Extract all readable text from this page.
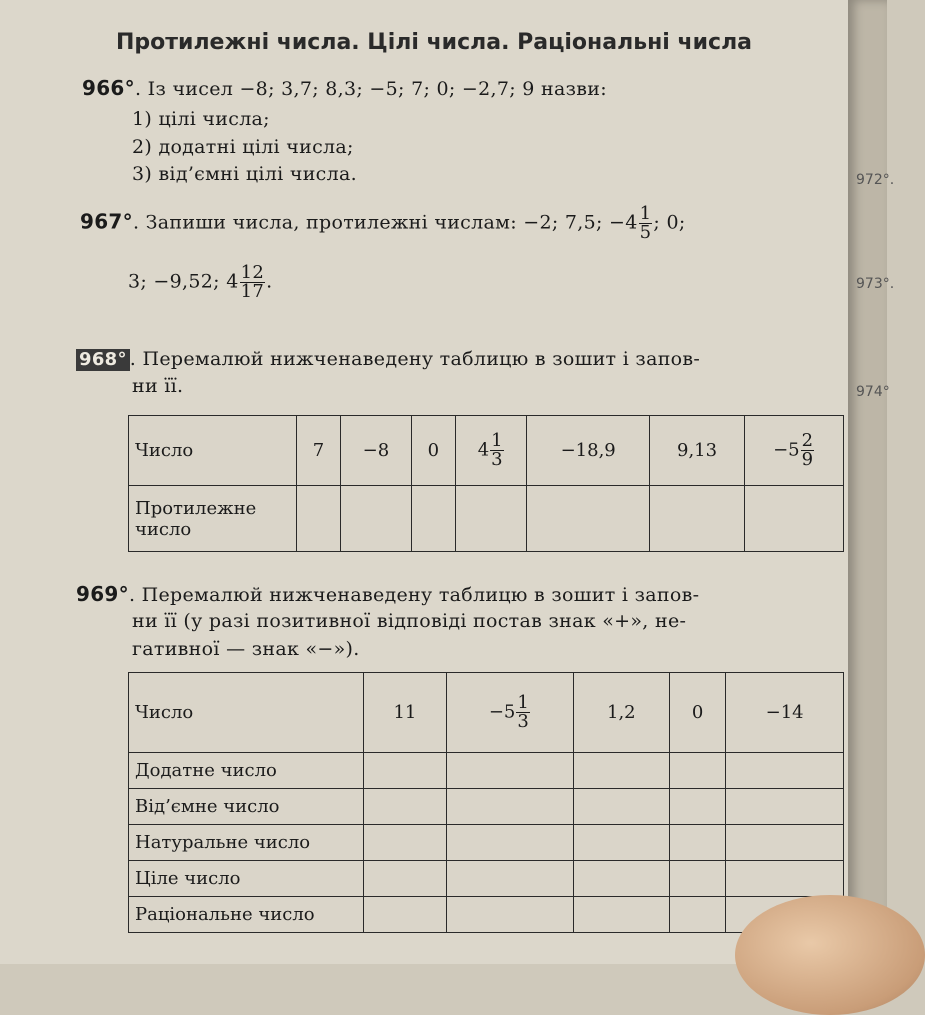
Протилежні числа. Цілі числа. Раціональні числа
966°. Із чисел −8; 3,7; 8,3; −5; 7; 0; −2,7; 9 назви:
1) цілі числа;
2) додатні цілі числа;
3) від’ємні цілі числа.
967°. Запиши числа, протилежні числам: −2; 7,5; $-4 \frac{1}{5}$ ; 0;
3; −9,52; $4 \frac{12}{17}$ .
968° . Перемалюй нижченаведену таблицю в зошит і запов-
ни її.
Число	7	−8	0	$4 \frac{1}{3}$	−18,9	9,13	$-5 \frac{2}{9}$

Протилежне число							
969°. Перемалюй нижченаведену таблицю в зошит і запов-
ни її (у разі позитивної відповіді постав знак «+», не-
гативної — знак «−»).
Число	11	$-5 \frac{1}{3}$	1,2	0	−14
Додатне число					
Від’ємне число					
Натуральне число					
Ціле число					
Раціональне число					
972°.
973°.
974°
